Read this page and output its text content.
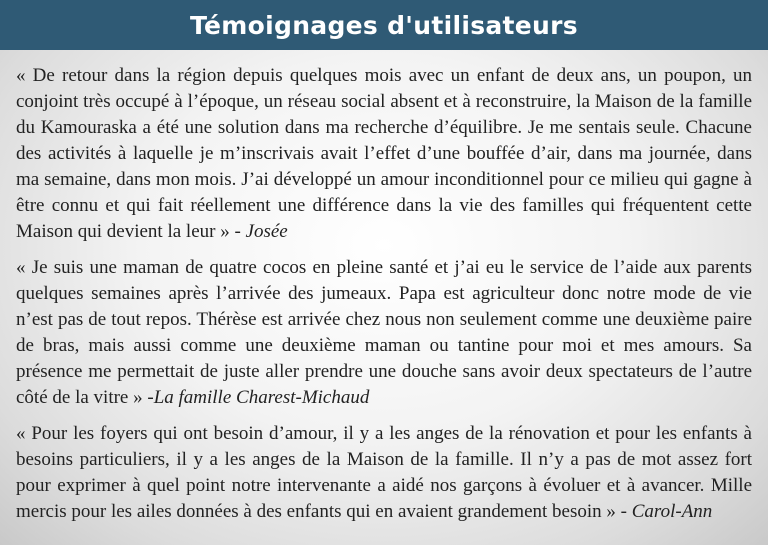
Témoignages d'utilisateurs

« De retour dans la région depuis quelques mois avec un enfant de deux ans, un poupon, un conjoint très occupé à l’époque, un réseau social absent et à reconstruire, la Maison de la famille du Kamouraska a été une solution dans ma recherche d’équilibre. Je me sentais seule. Chacune des activités à laquelle je m’inscrivais avait l’effet d’une bouffée d’air, dans ma journée, dans ma semaine, dans mon mois. J’ai développé un amour inconditionnel pour ce milieu qui gagne à être connu et qui fait réellement une différence dans la vie des familles qui fréquentent cette Maison qui devient la leur » - Josée

« Je suis une maman de quatre cocos en pleine santé et j’ai eu le service de l’aide aux parents quelques semaines après l’arrivée des jumeaux. Papa est agriculteur donc notre mode de vie n’est pas de tout repos. Thérèse est arrivée chez nous non seulement comme une deuxième paire de bras, mais aussi comme une deuxième maman ou tantine pour moi et mes amours. Sa présence me permettait de juste aller prendre une douche sans avoir deux spectateurs de l’autre côté de la vitre » -La famille Charest-Michaud

« Pour les foyers qui ont besoin d’amour, il y a les anges de la rénovation et pour les enfants à besoins particuliers, il y a les anges de la Maison de la famille. Il n’y a pas de mot assez fort pour exprimer à quel point notre intervenante a aidé nos garçons à évoluer et à avancer. Mille mercis pour les ailes données à des enfants qui en avaient grandement besoin » - Carol-Ann
